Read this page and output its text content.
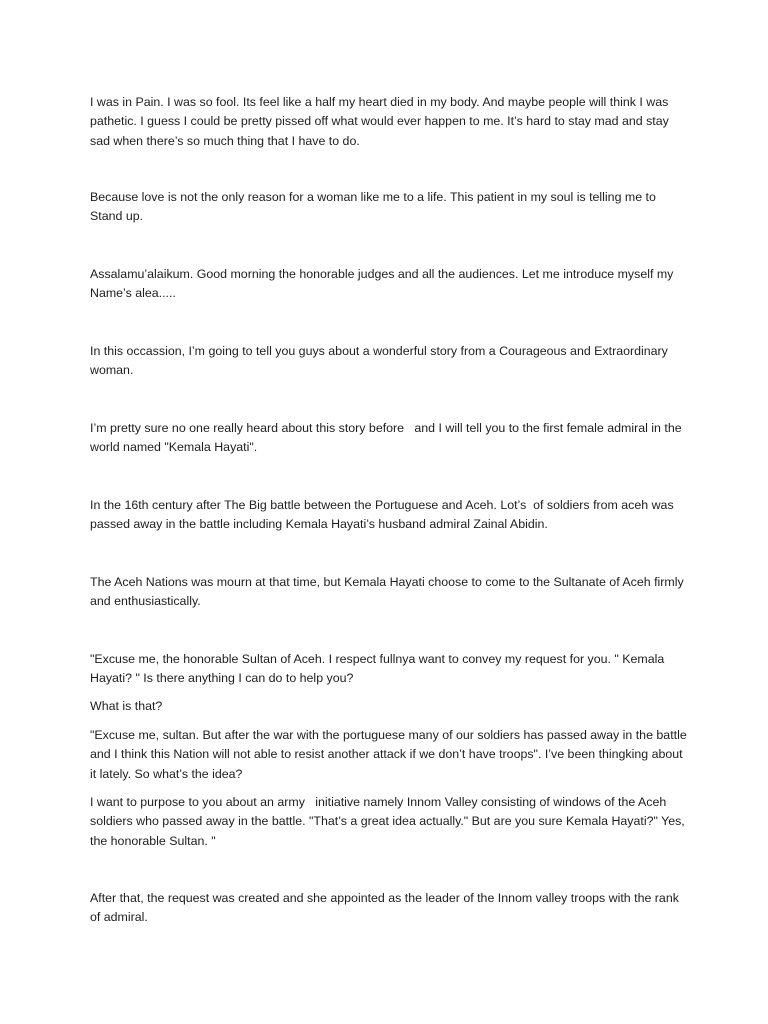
I was in Pain. I was so fool. Its feel like a half my heart died in my body. And maybe people will think I was pathetic. I guess I could be pretty pissed off what would ever happen to me. It’s hard to stay mad and stay sad when there’s so much thing that I have to do.

Because love is not the only reason for a woman like me to a life. This patient in my soul is telling me to Stand up.

Assalamu’alaikum. Good morning the honorable judges and all the audiences. Let me introduce myself my Name’s alea.....

In this occassion, I’m going to tell you guys about a wonderful story from a Courageous and Extraordinary woman.

I’m pretty sure no one really heard about this story before   and I will tell you to the first female admiral in the world named "Kemala Hayati".

In the 16th century after The Big battle between the Portuguese and Aceh. Lot’s  of soldiers from aceh was passed away in the battle including Kemala Hayati’s husband admiral Zainal Abidin.

The Aceh Nations was mourn at that time, but Kemala Hayati choose to come to the Sultanate of Aceh firmly and enthusiastically.

"Excuse me, the honorable Sultan of Aceh. I respect fullnya want to convey my request for you. " Kemala Hayati? " Is there anything I can do to help you?

What is that?

"Excuse me, sultan. But after the war with the portuguese many of our soldiers has passed away in the battle and I think this Nation will not able to resist another attack if we don’t have troops". I’ve been thingking about it lately. So what’s the idea?

I want to purpose to you about an army   initiative namely Innom Valley consisting of windows of the Aceh soldiers who passed away in the battle. "That’s a great idea actually." But are you sure Kemala Hayati?" Yes, the honorable Sultan. "

After that, the request was created and she appointed as the leader of the Innom valley troops with the rank of admiral.
